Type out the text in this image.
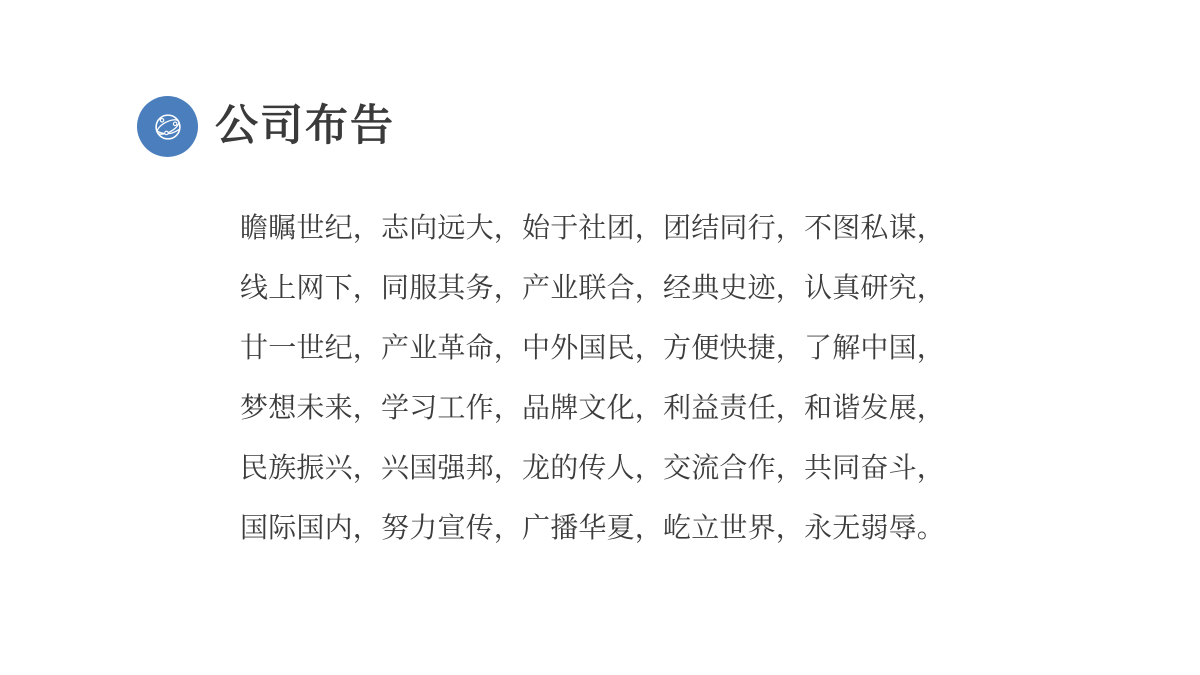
公司布告

瞻瞩世纪，志向远大，始于社团，团结同行，不图私谋，

线上网下，同服其务，产业联合，经典史迹，认真研究，

廿一世纪，产业革命，中外国民，方便快捷，了解中国，

梦想未来，学习工作，品牌文化，利益责任，和谐发展，

民族振兴，兴国强邦，龙的传人，交流合作，共同奋斗，

国际国内，努力宣传，广播华夏，屹立世界，永无弱辱。
